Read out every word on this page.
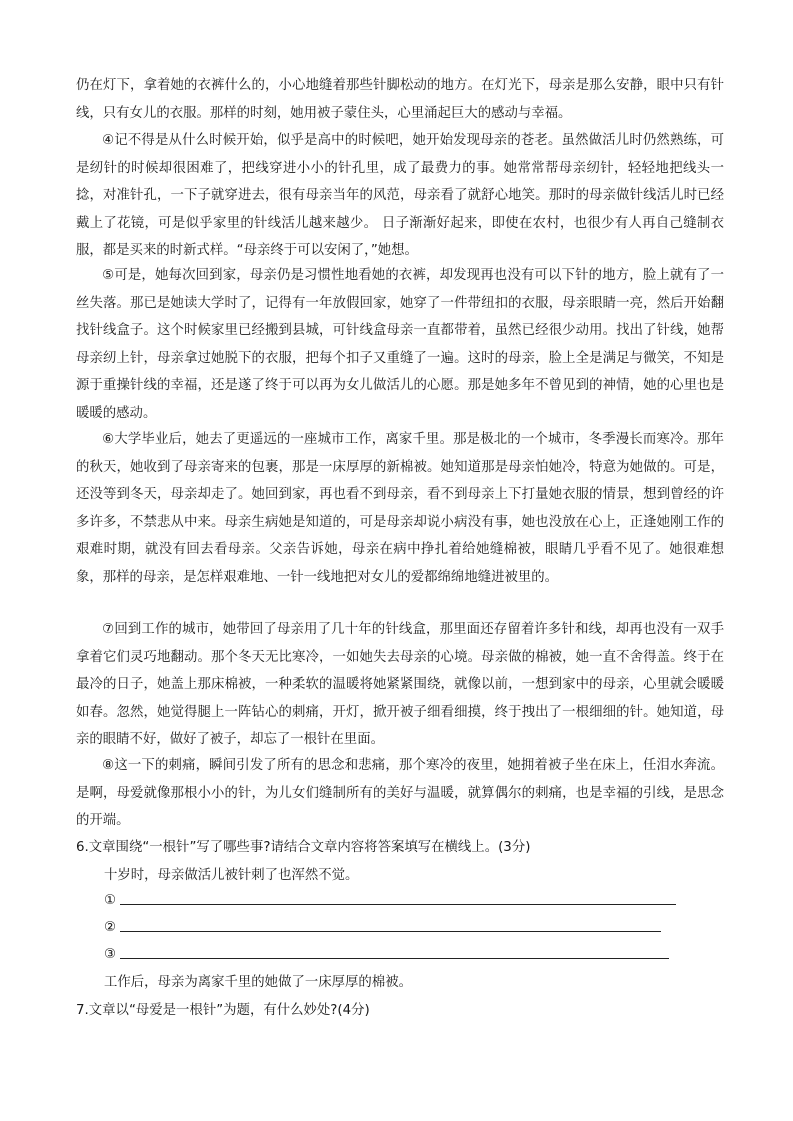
仍在灯下，拿着她的衣裤什么的，小心地缝着那些针脚松动的地方。在灯光下，母亲是那么安静，眼中只有针线，只有女儿的衣服。那样的时刻，她用被子蒙住头，心里涌起巨大的感动与幸福。

④记不得是从什么时候开始，似乎是高中的时候吧，她开始发现母亲的苍老。虽然做活儿时仍然熟练，可是纫针的时候却很困难了，把线穿进小小的针孔里，成了最费力的事。她常常帮母亲纫针，轻轻地把线头一捻，对准针孔，一下子就穿进去，很有母亲当年的风范，母亲看了就舒心地笑。那时的母亲做针线活儿时已经戴上了花镜，可是似乎家里的针线活儿越来越少。 日子渐渐好起来，即使在农村，也很少有人再自己缝制衣服，都是买来的时新式样。“母亲终于可以安闲了，”她想。

⑤可是，她每次回到家，母亲仍是习惯性地看她的衣裤，却发现再也没有可以下针的地方，脸上就有了一丝失落。那已是她读大学时了，记得有一年放假回家，她穿了一件带纽扣的衣服，母亲眼睛一亮，然后开始翻找针线盒子。这个时候家里已经搬到县城，可针线盒母亲一直都带着，虽然已经很少动用。找出了针线，她帮母亲纫上针，母亲拿过她脱下的衣服，把每个扣子又重缝了一遍。这时的母亲，脸上全是满足与微笑，不知是源于重操针线的幸福，还是遂了终于可以再为女儿做活儿的心愿。那是她多年不曾见到的神情，她的心里也是暖暖的感动。

⑥大学毕业后，她去了更遥远的一座城市工作，离家千里。那是极北的一个城市，冬季漫长而寒冷。那年的秋天，她收到了母亲寄来的包裹，那是一床厚厚的新棉被。她知道那是母亲怕她冷，特意为她做的。可是，还没等到冬天，母亲却走了。她回到家，再也看不到母亲，看不到母亲上下打量她衣服的情景，想到曾经的许多许多，不禁悲从中来。母亲生病她是知道的，可是母亲却说小病没有事，她也没放在心上，正逢她刚工作的艰难时期，就没有回去看母亲。父亲告诉她，母亲在病中挣扎着给她缝棉被，眼睛几乎看不见了。她很难想象，那样的母亲，是怎样艰难地、一针一线地把对女儿的爱都绵绵地缝进被里的。

⑦回到工作的城市，她带回了母亲用了几十年的针线盒，那里面还存留着许多针和线，却再也没有一双手拿着它们灵巧地翻动。那个冬天无比寒冷，一如她失去母亲的心境。母亲做的棉被，她一直不舍得盖。终于在最冷的日子，她盖上那床棉被，一种柔软的温暖将她紧紧围绕，就像以前，一想到家中的母亲，心里就会暖暖如春。忽然，她觉得腿上一阵钻心的刺痛，开灯，掀开被子细看细摸，终于拽出了一根细细的针。她知道，母亲的眼睛不好，做好了被子，却忘了一根针在里面。

⑧这一下的刺痛，瞬间引发了所有的思念和悲痛，那个寒冷的夜里，她拥着被子坐在床上，任泪水奔流。是啊，母爱就像那根小小的针，为儿女们缝制所有的美好与温暖，就算偶尔的刺痛，也是幸福的引线，是思念的开端。

6.文章围绕“一根针”写了哪些事?请结合文章内容将答案填写在横线上。(3分)

十岁时，母亲做活儿被针刺了也浑然不觉。

①
②
③

工作后，母亲为离家千里的她做了一床厚厚的棉被。

7.文章以“母爱是一根针”为题，有什么妙处?(4分)
